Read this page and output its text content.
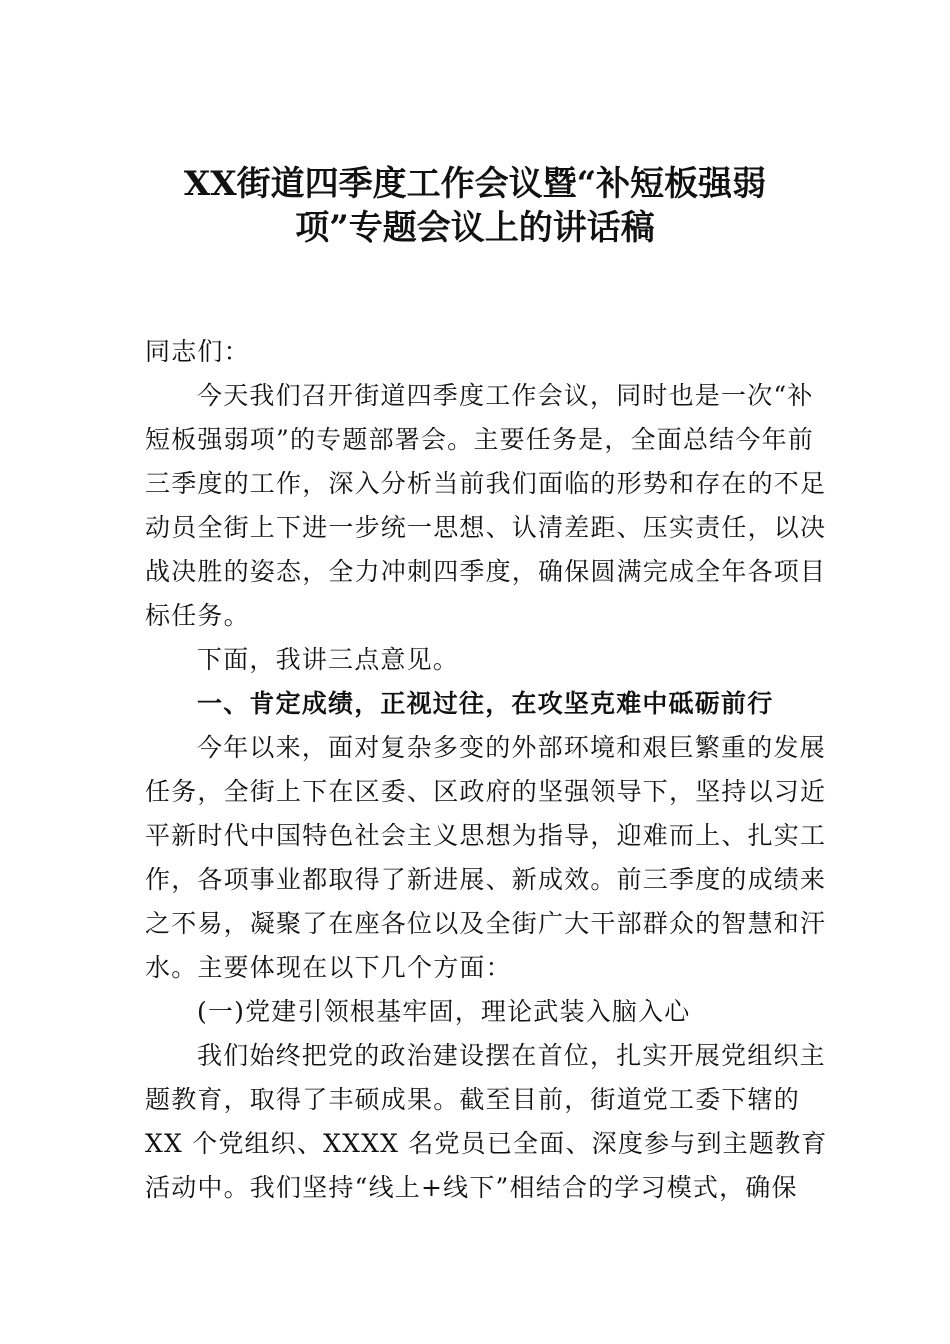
XX街道四季度工作会议暨“补短板强弱
项”专题会议上的讲话稿
同志们：
今天我们召开街道四季度工作会议，同时也是一次“补
短板强弱项”的专题部署会。主要任务是，全面总结今年前
三季度的工作，深入分析当前我们面临的形势和存在的不足
动员全街上下进一步统一思想、认清差距、压实责任，以决
战决胜的姿态，全力冲刺四季度，确保圆满完成全年各项目
标任务。
下面，我讲三点意见。
一、肯定成绩，正视过往，在攻坚克难中砥砺前行
今年以来，面对复杂多变的外部环境和艰巨繁重的发展
任务，全街上下在区委、区政府的坚强领导下，坚持以习近
平新时代中国特色社会主义思想为指导，迎难而上、扎实工
作，各项事业都取得了新进展、新成效。前三季度的成绩来
之不易，凝聚了在座各位以及全街广大干部群众的智慧和汗
水。主要体现在以下几个方面：
(一)党建引领根基牢固，理论武装入脑入心
我们始终把党的政治建设摆在首位，扎实开展党组织主
题教育，取得了丰硕成果。截至目前，街道党工委下辖的
XX 个党组织、XXXX 名党员已全面、深度参与到主题教育
活动中。我们坚持“线上+线下”相结合的学习模式，确保
